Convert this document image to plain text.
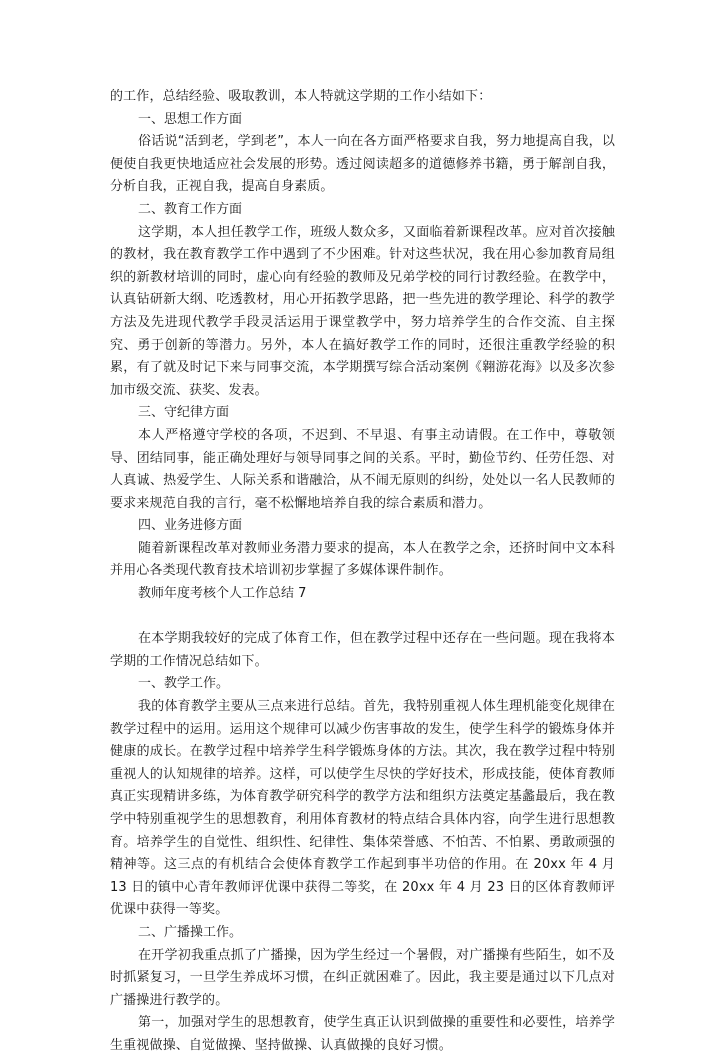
的工作，总结经验、吸取教训，本人特就这学期的工作小结如下：

一、思想工作方面

俗话说“活到老，学到老”，本人一向在各方面严格要求自我，努力地提高自我，以便使自我更快地适应社会发展的形势。透过阅读超多的道德修养书籍，勇于解剖自我，分析自我，正视自我，提高自身素质。

二、教育工作方面

这学期，本人担任教学工作，班级人数众多，又面临着新课程改革。应对首次接触的教材，我在教育教学工作中遇到了不少困难。针对这些状况，我在用心参加教育局组织的新教材培训的同时，虚心向有经验的教师及兄弟学校的同行讨教经验。在教学中，认真钻研新大纲、吃透教材，用心开拓教学思路，把一些先进的教学理论、科学的教学方法及先进现代教学手段灵活运用于课堂教学中，努力培养学生的合作交流、自主探究、勇于创新的等潜力。另外，本人在搞好教学工作的同时，还很注重教学经验的积累，有了就及时记下来与同事交流，本学期撰写综合活动案例《翱游花海》以及多次参加市级交流、获奖、发表。

三、守纪律方面

本人严格遵守学校的各项，不迟到、不早退、有事主动请假。在工作中，尊敬领导、团结同事，能正确处理好与领导同事之间的关系。平时，勤俭节约、任劳任怨、对人真诚、热爱学生、人际关系和谐融洽，从不闹无原则的纠纷，处处以一名人民教师的要求来规范自我的言行，毫不松懈地培养自我的综合素质和潜力。

四、业务进修方面

随着新课程改革对教师业务潜力要求的提高，本人在教学之余，还挤时间中文本科并用心各类现代教育技术培训初步掌握了多媒体课件制作。

教师年度考核个人工作总结 7

在本学期我较好的完成了体育工作，但在教学过程中还存在一些问题。现在我将本学期的工作情况总结如下。

一、教学工作。

我的体育教学主要从三点来进行总结。首先，我特别重视人体生理机能变化规律在教学过程中的运用。运用这个规律可以减少伤害事故的发生，使学生科学的锻炼身体并健康的成长。在教学过程中培养学生科学锻炼身体的方法。其次，我在教学过程中特别重视人的认知规律的培养。这样，可以使学生尽快的学好技术，形成技能，使体育教师真正实现精讲多练，为体育教学研究科学的教学方法和组织方法奠定基蠡最后，我在教学中特别重视学生的思想教育，利用体育教材的特点结合具体内容，向学生进行思想教育。培养学生的自觉性、组织性、纪律性、集体荣誉感、不怕苦、不怕累、勇敢顽强的精神等。这三点的有机结合会使体育教学工作起到事半功倍的作用。在 20xx 年 4 月 13 日的镇中心青年教师评优课中获得二等奖，在 20xx 年 4 月 23 日的区体育教师评优课中获得一等奖。

二、广播操工作。

在开学初我重点抓了广播操，因为学生经过一个暑假，对广播操有些陌生，如不及时抓紧复习，一旦学生养成坏习惯，在纠正就困难了。因此，我主要是通过以下几点对广播操进行教学的。

第一，加强对学生的思想教育，使学生真正认识到做操的重要性和必要性，培养学生重视做操、自觉做操、坚持做操、认真做操的良好习惯。
